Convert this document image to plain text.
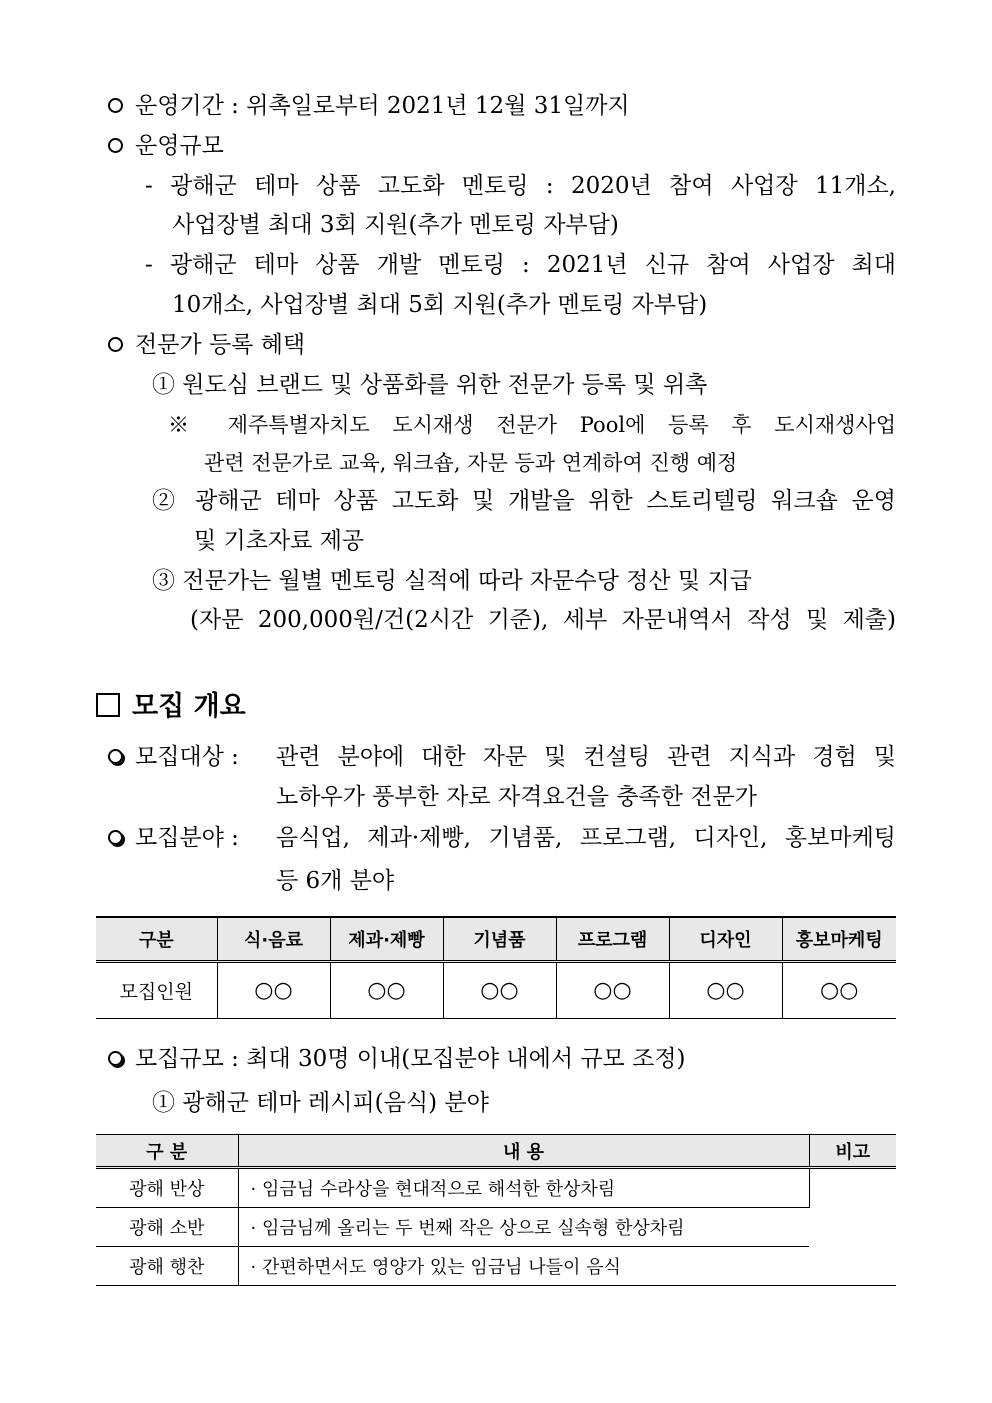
운영기간 : 위촉일로부터 2021년 12월 31일까지
운영규모
- 광해군 테마 상품 고도화 멘토링 : 2020년 참여 사업장 11개소,
사업장별 최대 3회 지원(추가 멘토링 자부담)
- 광해군 테마 상품 개발 멘토링 : 2021년 신규 참여 사업장 최대
10개소, 사업장별 최대 5회 지원(추가 멘토링 자부담)
전문가 등록 혜택
① 원도심 브랜드 및 상품화를 위한 전문가 등록 및 위촉
※ 제주특별자치도 도시재생 전문가 Pool에 등록 후 도시재생사업
관련 전문가로 교육, 워크숍, 자문 등과 연계하여 진행 예정
② 광해군 테마 상품 고도화 및 개발을 위한 스토리텔링 워크숍 운영
및 기초자료 제공
③ 전문가는 월별 멘토링 실적에 따라 자문수당 정산 및 지급
(자문 200,000원/건(2시간 기준), 세부 자문내역서 작성 및 제출)
모집 개요
모집대상 : 관련 분야에 대한 자문 및 컨설팅 관련 지식과 경험 및
노하우가 풍부한 자로 자격요건을 충족한 전문가
모집분야 : 음식업, 제과·제빵, 기념품, 프로그램, 디자인, 홍보마케팅
등 6개 분야
구분	식·음료	제과·제빵	기념품	프로그램	디자인	홍보마케팅
모집인원	○○	○○	○○	○○	○○	○○
모집규모 : 최대 30명 이내(모집분야 내에서 규모 조정)
① 광해군 테마 레시피(음식) 분야
구 분	내 용	비고
광해 반상	· 임금님 수라상을 현대적으로 해석한 한상차림	
광해 소반	· 임금님께 올리는 두 번째 작은 상으로 실속형 한상차림	
광해 행찬	· 간편하면서도 영양가 있는 임금님 나들이 음식	
